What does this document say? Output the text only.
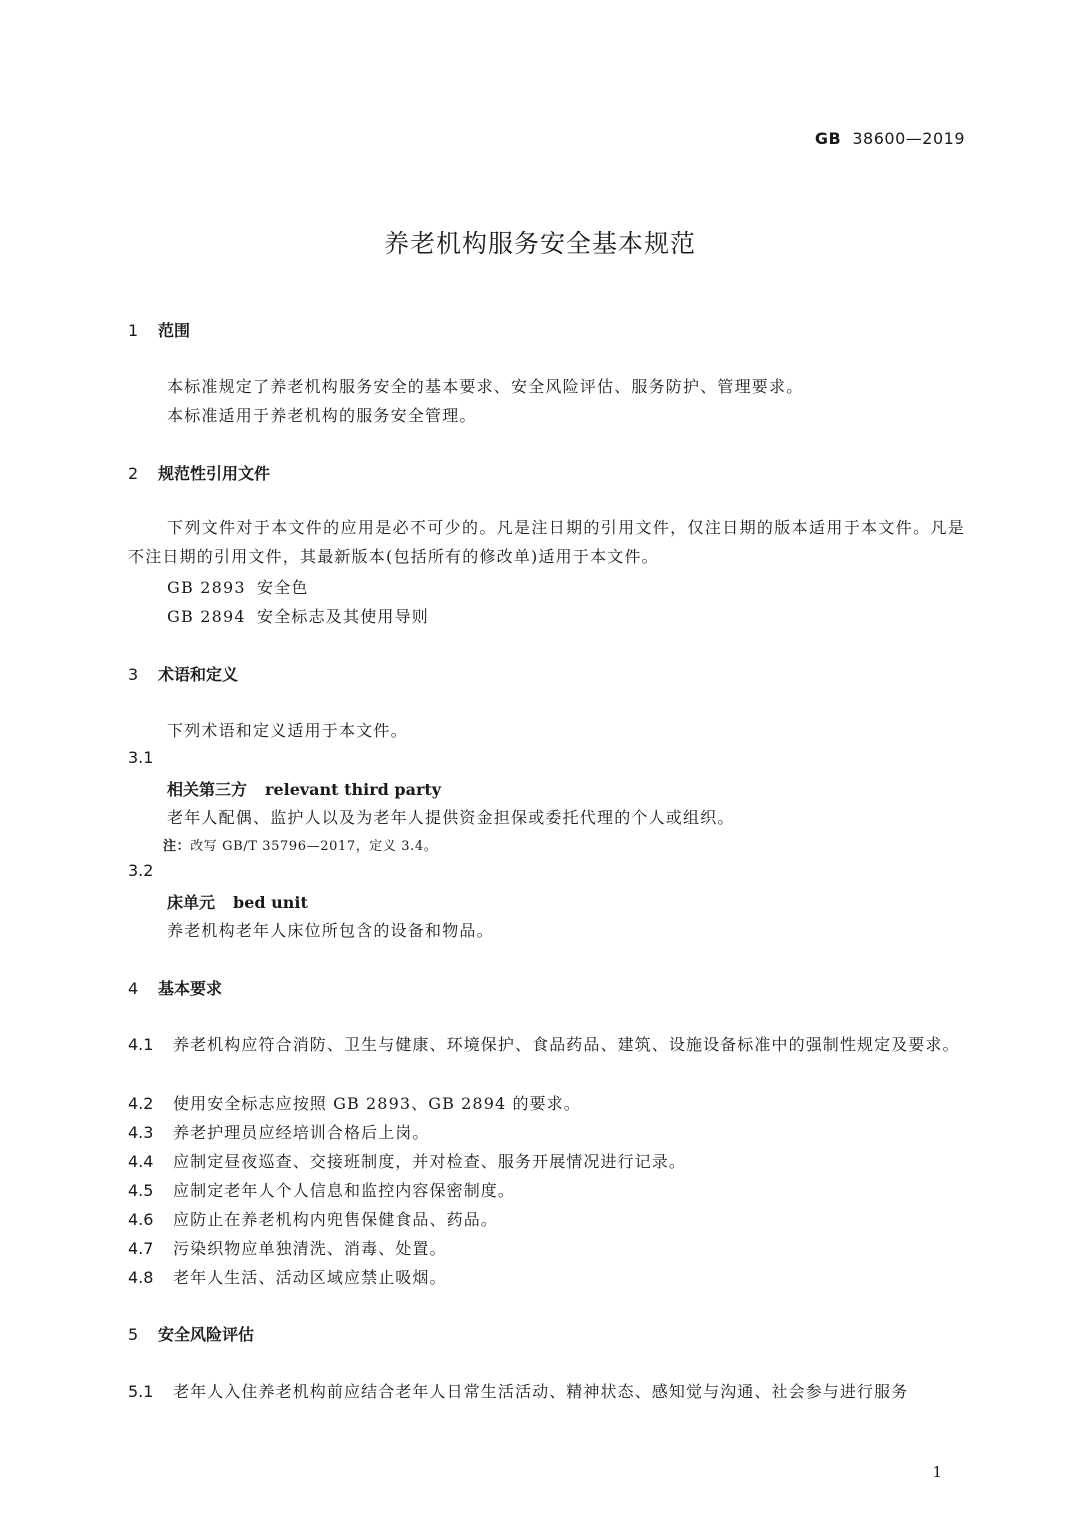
GB 38600—2019
养老机构服务安全基本规范
1 范围
本标准规定了养老机构服务安全的基本要求、安全风险评估、服务防护、管理要求。
本标准适用于养老机构的服务安全管理。
2 规范性引用文件
下列文件对于本文件的应用是必不可少的。凡是注日期的引用文件，仅注日期的版本适用于本文件。凡是不注日期的引用文件，其最新版本(包括所有的修改单)适用于本文件。
GB 2893 安全色
GB 2894 安全标志及其使用导则
3 术语和定义
下列术语和定义适用于本文件。
3.1
相关第三方 relevant third party
老年人配偶、监护人以及为老年人提供资金担保或委托代理的个人或组织。
注：改写 GB/T 35796—2017，定义 3.4。
3.2
床单元 bed unit
养老机构老年人床位所包含的设备和物品。
4 基本要求
4.1 养老机构应符合消防、卫生与健康、环境保护、食品药品、建筑、设施设备标准中的强制性规定及要求。
4.2 使用安全标志应按照 GB 2893、GB 2894 的要求。
4.3 养老护理员应经培训合格后上岗。
4.4 应制定昼夜巡查、交接班制度，并对检查、服务开展情况进行记录。
4.5 应制定老年人个人信息和监控内容保密制度。
4.6 应防止在养老机构内兜售保健食品、药品。
4.7 污染织物应单独清洗、消毒、处置。
4.8 老年人生活、活动区域应禁止吸烟。
5 安全风险评估
5.1 老年人入住养老机构前应结合老年人日常生活活动、精神状态、感知觉与沟通、社会参与进行服务
1
